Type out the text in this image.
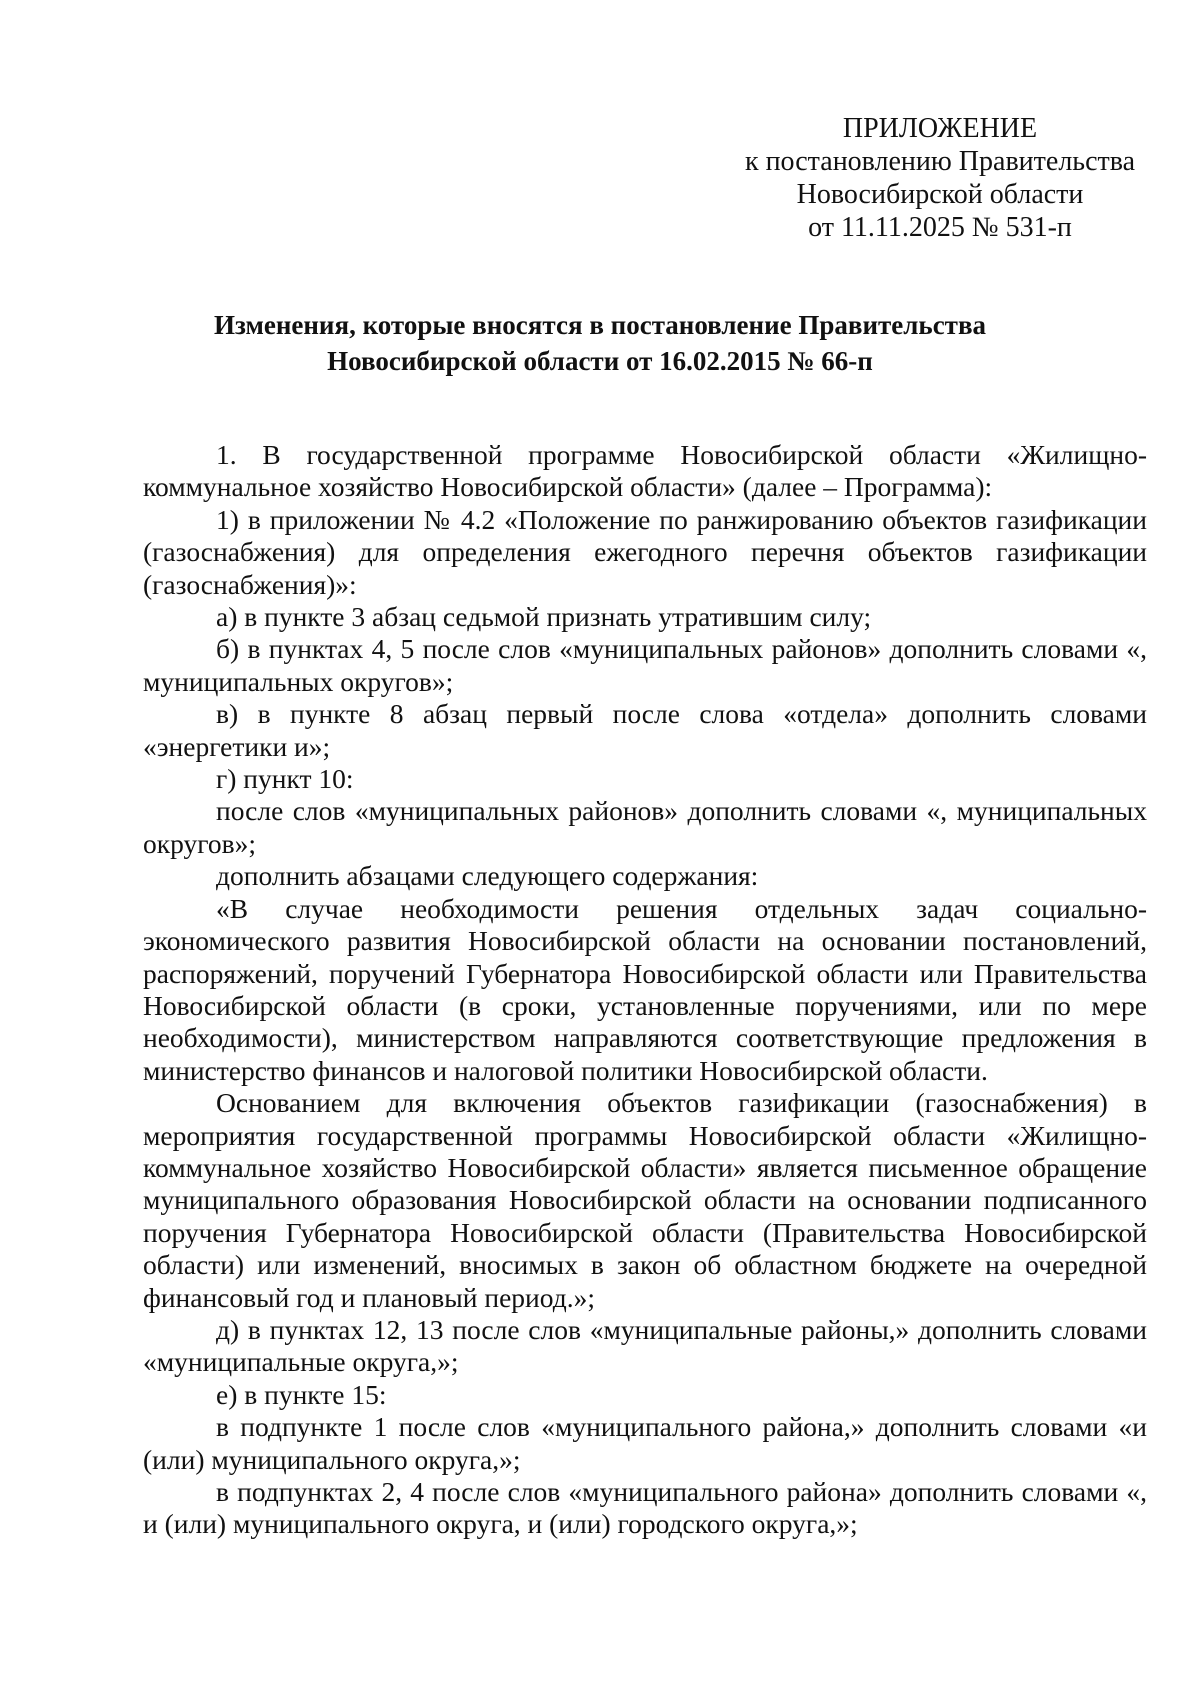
ПРИЛОЖЕНИЕ
к постановлению Правительства
Новосибирской области
от 11.11.2025 № 531-п
Изменения, которые вносятся в постановление Правительства
Новосибирской области от 16.02.2015 № 66-п

1. В государственной программе Новосибирской области «Жилищно-коммунальное хозяйство Новосибирской области» (далее – Программа):

1) в приложении № 4.2 «Положение по ранжированию объектов газификации (газоснабжения) для определения ежегодного перечня объектов газификации (газоснабжения)»:

а) в пункте 3 абзац седьмой признать утратившим силу;

б) в пунктах 4, 5 после слов «муниципальных районов» дополнить словами «, муниципальных округов»;

в) в пункте 8 абзац первый после слова «отдела» дополнить словами «энергетики и»;

г) пункт 10:

после слов «муниципальных районов» дополнить словами «, муниципальных округов»;

дополнить абзацами следующего содержания:

«В случае необходимости решения отдельных задач социально-экономического развития Новосибирской области на основании постановлений, распоряжений, поручений Губернатора Новосибирской области или Правительства Новосибирской области (в сроки, установленные поручениями, или по мере необходимости), министерством направляются соответствующие предложения в министерство финансов и налоговой политики Новосибирской области.

Основанием для включения объектов газификации (газоснабжения) в мероприятия государственной программы Новосибирской области «Жилищно-коммунальное хозяйство Новосибирской области» является письменное обращение муниципального образования Новосибирской области на основании подписанного поручения Губернатора Новосибирской области (Правительства Новосибирской области) или изменений, вносимых в закон об областном бюджете на очередной финансовый год и плановый период.»;

д) в пунктах 12, 13 после слов «муниципальные районы,» дополнить словами «муниципальные округа,»;

е) в пункте 15:

в подпункте 1 после слов «муниципального района,» дополнить словами «и (или) муниципального округа,»;

в подпунктах 2, 4 после слов «муниципального района» дополнить словами «, и (или) муниципального округа, и (или) городского округа,»;
